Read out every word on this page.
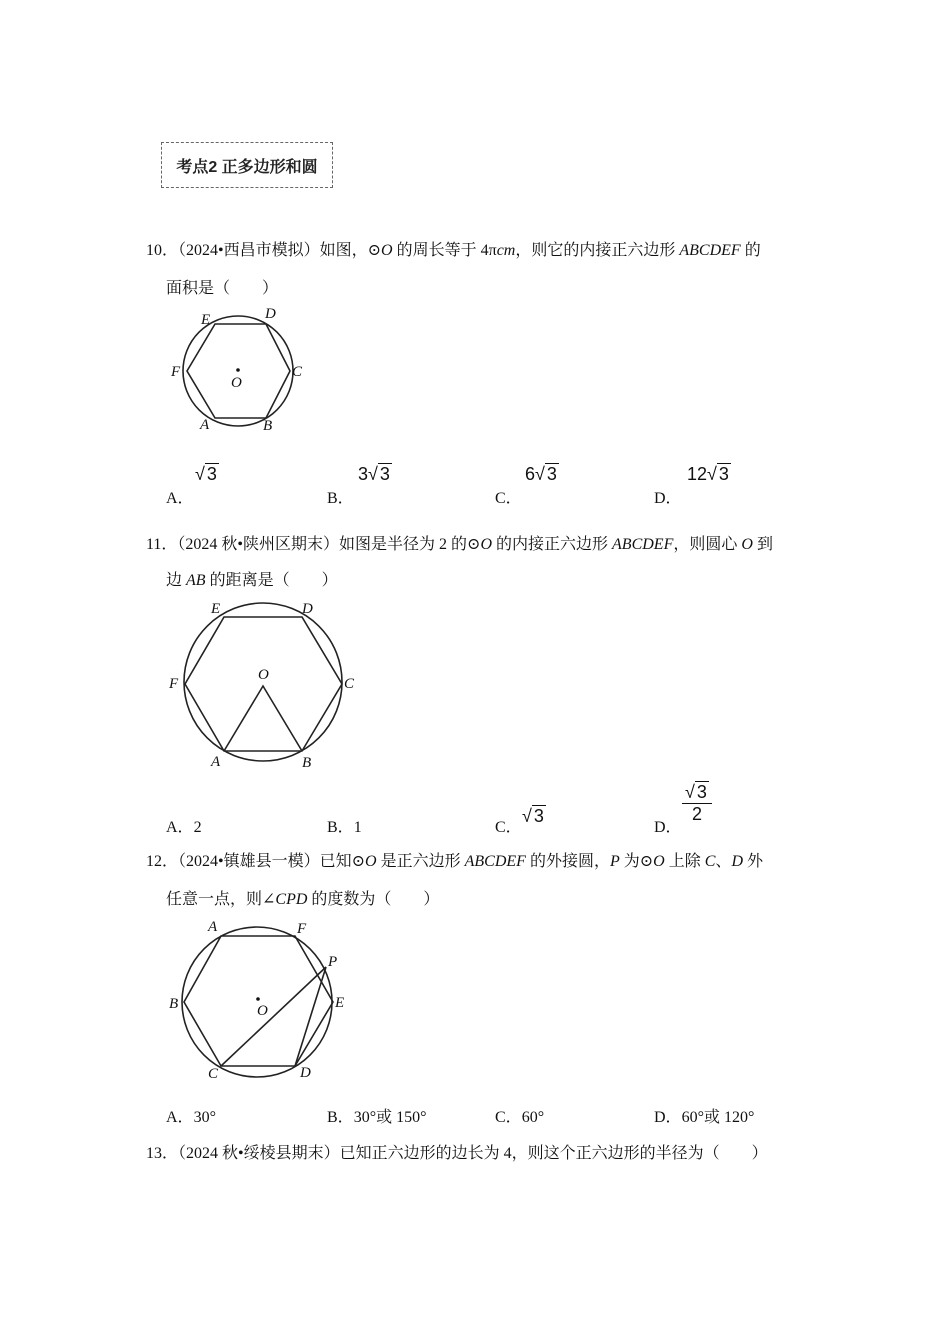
考点2 正多边形和圆
10．（2024•西昌市模拟）如图，⊙O 的周长等于 4πcm，则它的内接正六边形 ABCDEF 的
面积是（　　）
E	D
F	C
O
A	B
A．
√ 3
B．
3√ 3
C．
6√ 3
D．
12√ 3
11．（2024 秋•陕州区期末）如图是半径为 2 的⊙O 的内接正六边形 ABCDEF，则圆心 O 到
边 AB 的距离是（　　）
E	D
F	C
O
A	B
A．2	B．1	C．
√ 3
D．
$\frac{√ 3}{2}$
12．（2024•镇雄县一模）已知⊙O 是正六边形 ABCDEF 的外接圆，P 为⊙O 上除 C、D 外
任意一点，则∠CPD 的度数为（　　）
A	F
P
B	E
O
C	D
A．30°	B．30°或 150°	C．60°	D．60°或 120°
13．（2024 秋•绥棱县期末）已知正六边形的边长为 4，则这个正六边形的半径为（　　）
